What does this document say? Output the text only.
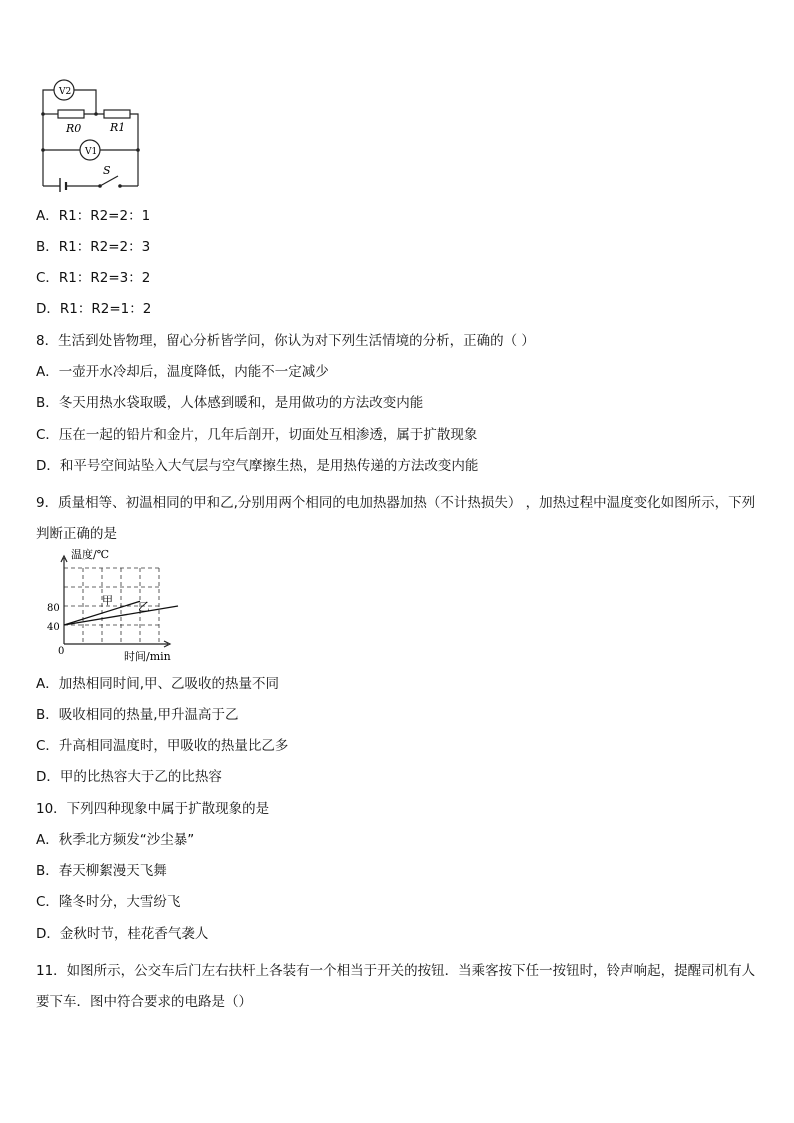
V2
V1
R0	R1
S
A．R1：R2=2：1
B．R1：R2=2：3
C．R1：R2=3：2
D．R1：R2=1：2
8．生活到处皆物理，留心分析皆学问，你认为对下列生活情境的分析，正确的（ ）
A．一壶开水冷却后，温度降低，内能不一定减少
B．冬天用热水袋取暖，人体感到暖和，是用做功的方法改变内能
C．压在一起的铅片和金片，几年后剖开，切面处互相渗透，属于扩散现象
D．和平号空间站坠入大气层与空气摩擦生热，是用热传递的方法改变内能
9．质量相等、初温相同的甲和乙,分别用两个相同的电加热器加热（不计热损失） ，加热过程中温度变化如图所示，下列判断正确的是
温度/℃
时间/min
80
40
0
甲 乙
A．加热相同时间,甲、乙吸收的热量不同
B．吸收相同的热量,甲升温高于乙
C．升高相同温度时，甲吸收的热量比乙多
D．甲的比热容大于乙的比热容
10．下列四种现象中属于扩散现象的是
A．秋季北方频发“沙尘暴”
B．春天柳絮漫天飞舞
C．隆冬时分，大雪纷飞
D．金秋时节，桂花香气袭人
11．如图所示，公交车后门左右扶杆上各装有一个相当于开关的按钮．当乘客按下任一按钮时，铃声响起，提醒司机有人要下车．图中符合要求的电路是（）
